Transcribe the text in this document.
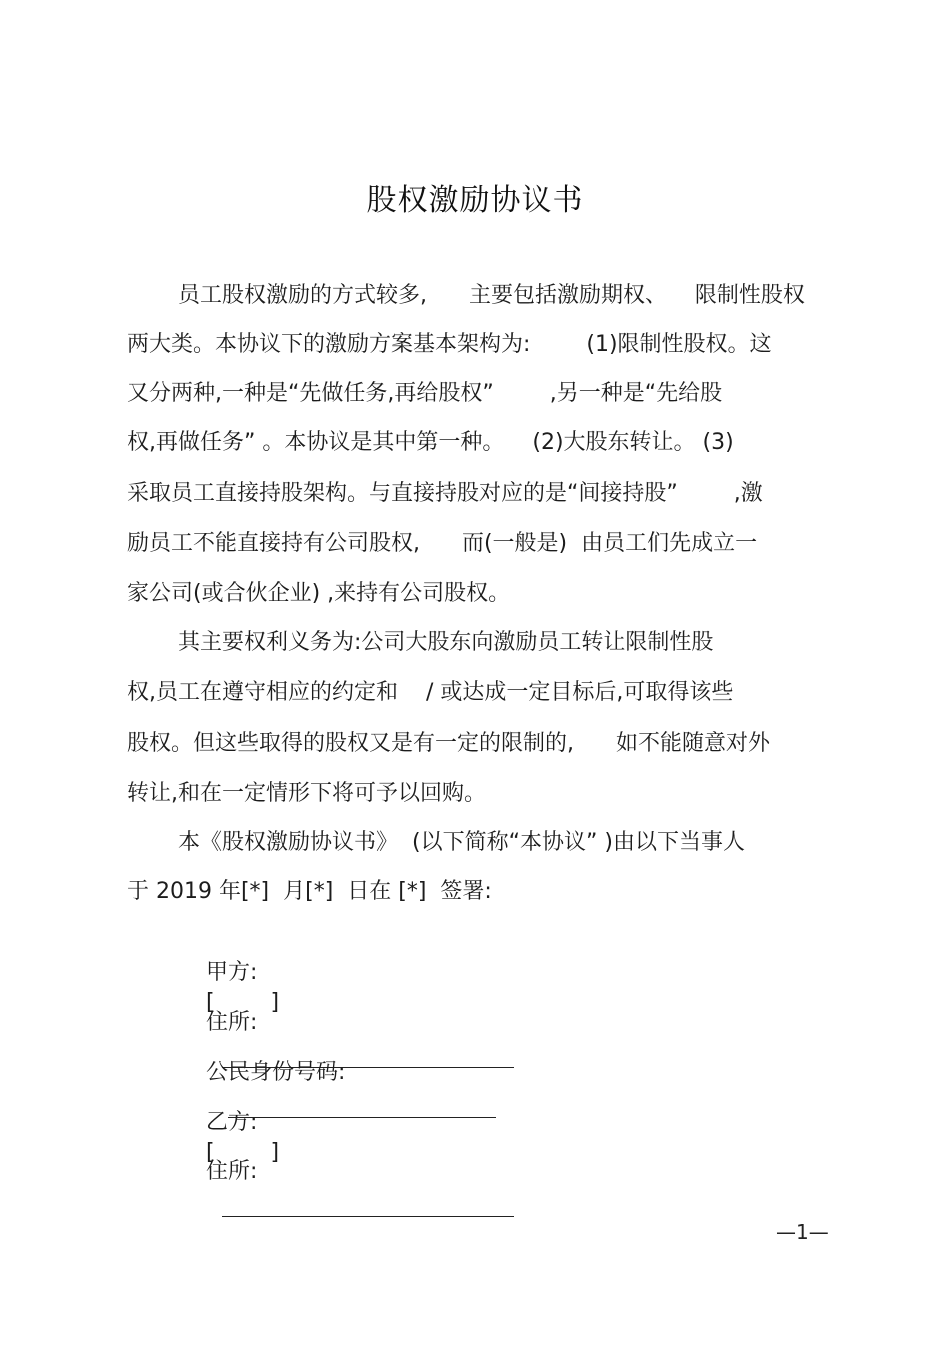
股权激励协议书
员工股权激励的方式较多,      主要包括激励期权、    限制性股权
两大类。本协议下的激励方案基本架构为:        (1)限制性股权。这
又分两种,一种是“先做任务,再给股权”        ,另一种是“先给股
权,再做任务” 。本协议是其中第一种。    (2)大股东转让。 (3)
采取员工直接持股架构。与直接持股对应的是“间接持股”        ,激
励员工不能直接持有公司股权,      而(一般是)  由员工们先成立一
家公司(或合伙企业) ,来持有公司股权。
其主要权利义务为:公司大股东向激励员工转让限制性股
权,员工在遵守相应的约定和    / 或达成一定目标后,可取得该些
股权。但这些取得的股权又是有一定的限制的,      如不能随意对外
转让,和在一定情形下将可予以回购。
本《股权激励协议书》  (以下简称“本协议” )由以下当事人
于 2019 年[*]  月[*]  日在 [*]  签署:

甲方:
[        ]

住所:

公民身份号码:

乙方:
[        ]

住所:

—1—
